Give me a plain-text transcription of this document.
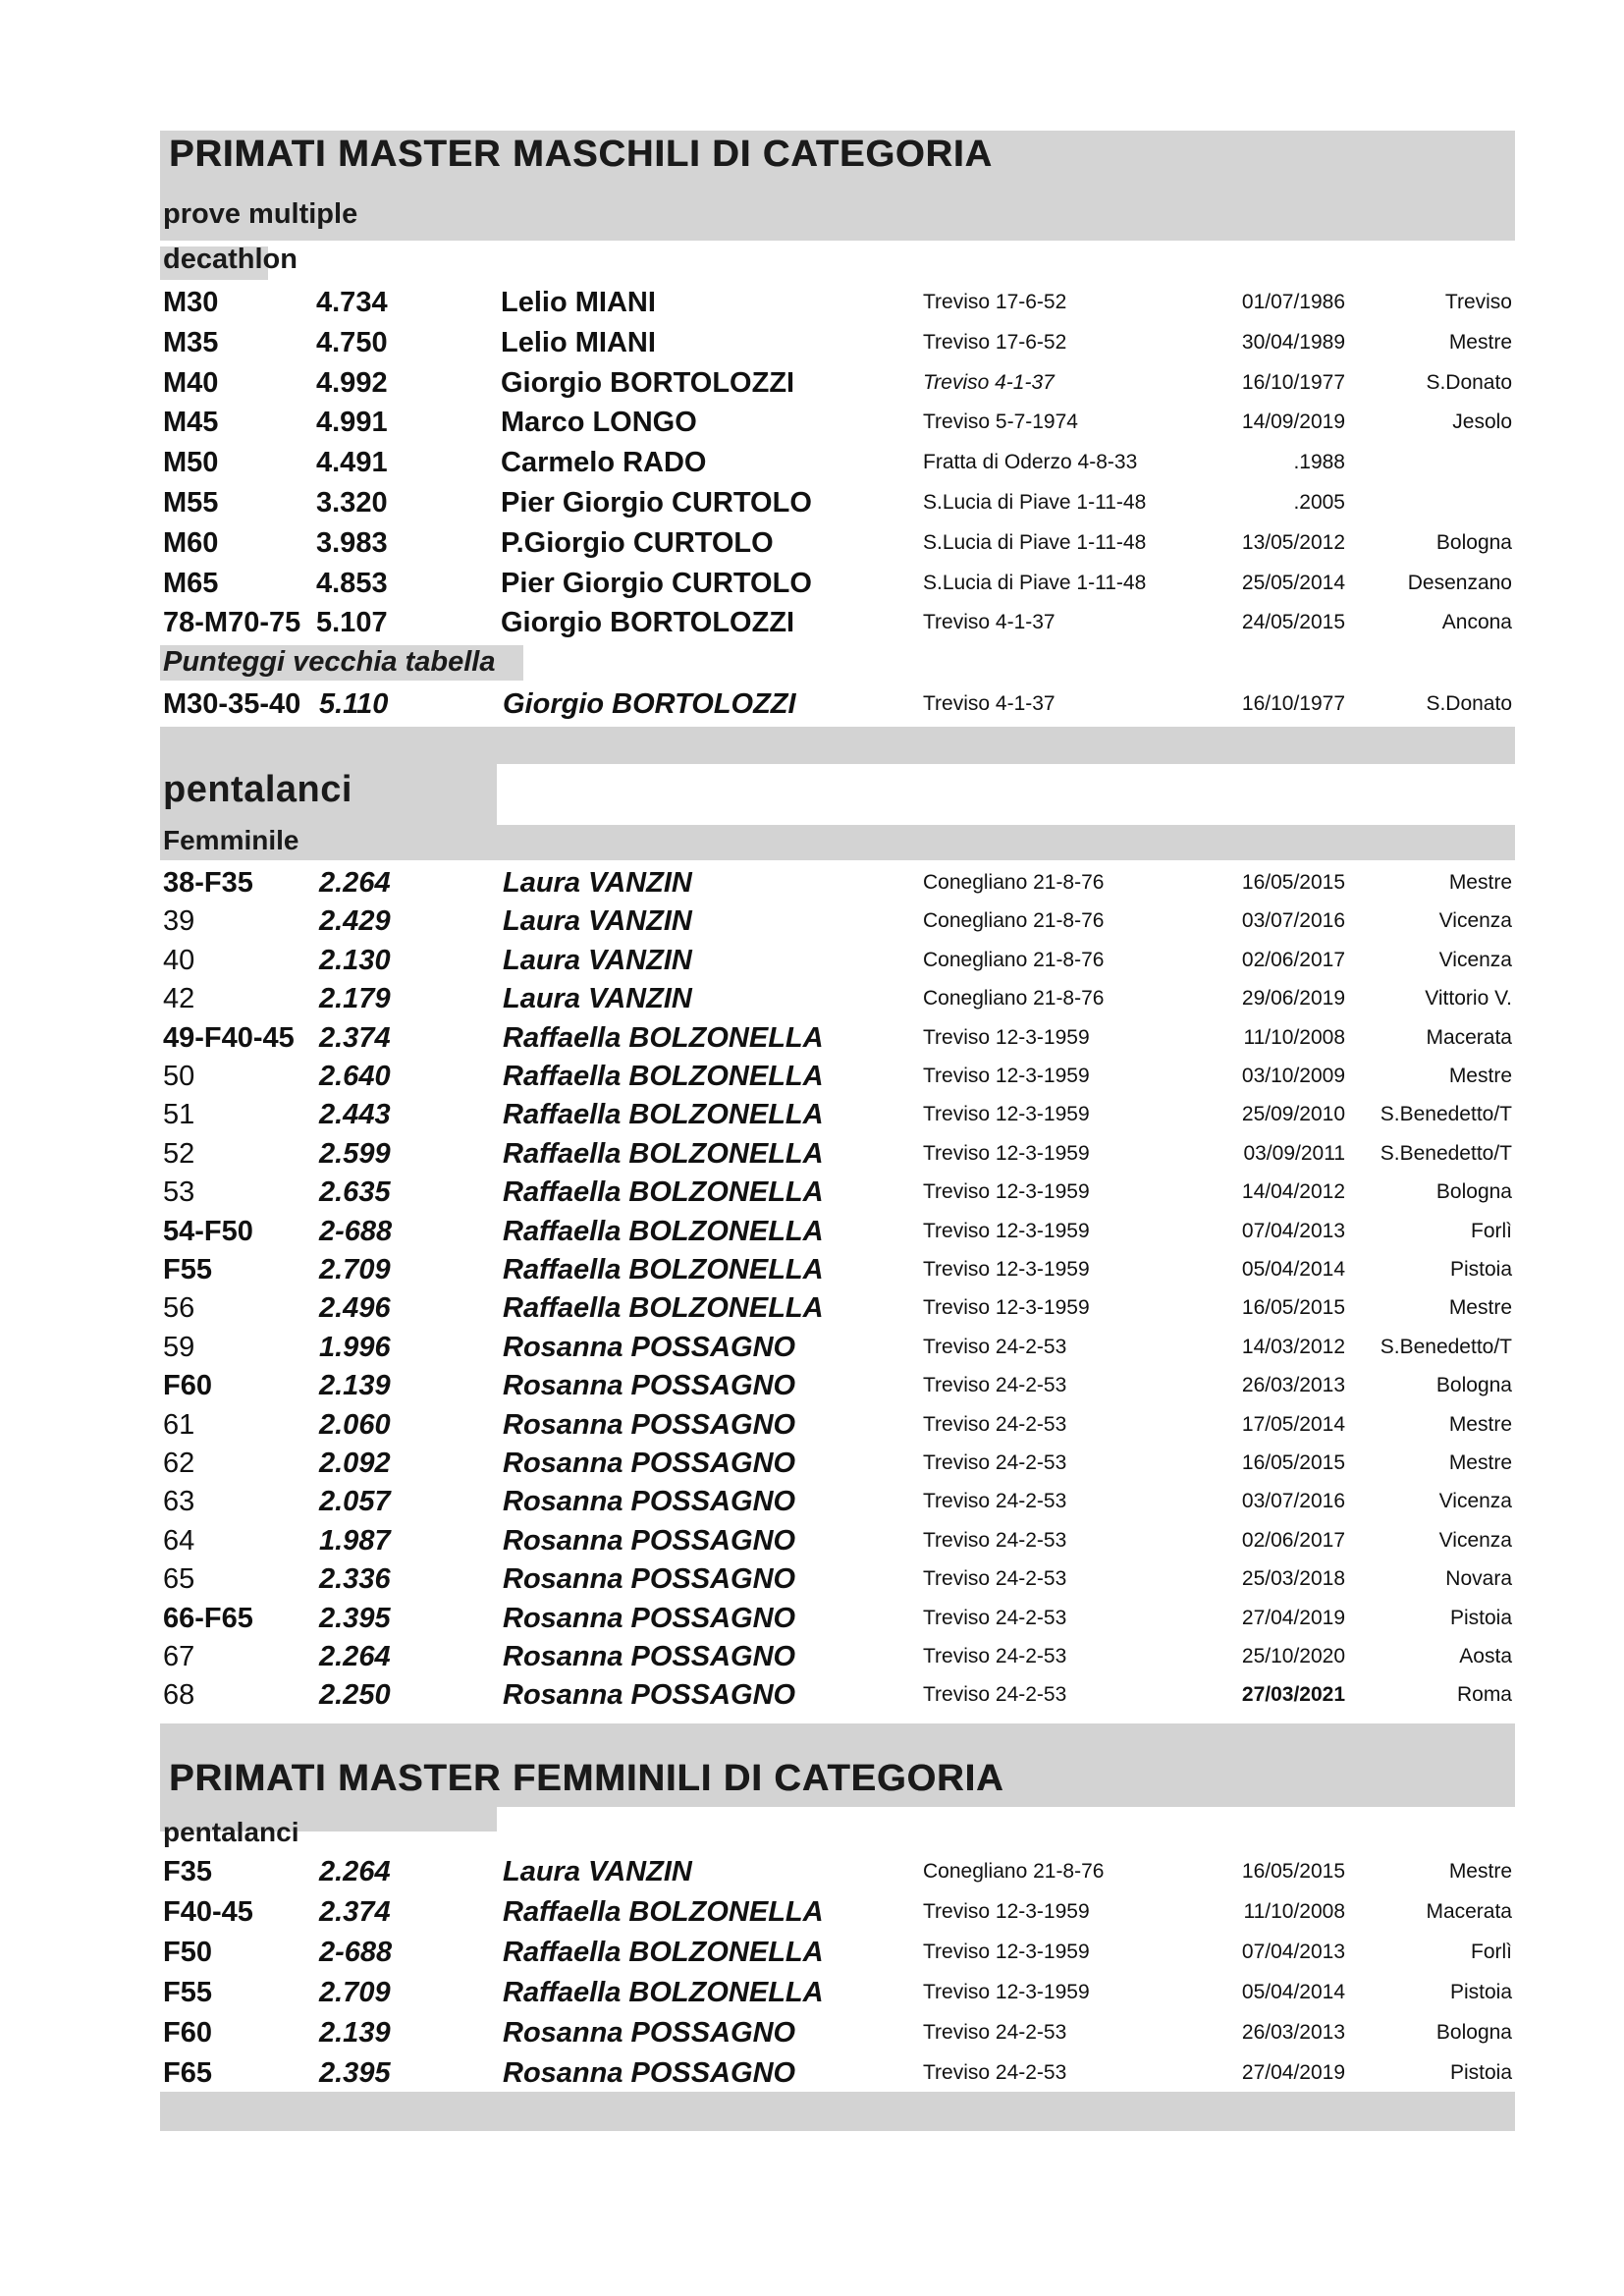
PRIMATI MASTER MASCHILI DI CATEGORIA
prove multiple
decathlon
M30	4.734	Lelio MIANI	Treviso 17-6-52	01/07/1986	Treviso
M35	4.750	Lelio MIANI	Treviso 17-6-52	30/04/1989	Mestre
M40	4.992	Giorgio BORTOLOZZI	Treviso 4-1-37	16/10/1977	S.Donato
M45	4.991	Marco LONGO	Treviso 5-7-1974	14/09/2019	Jesolo
M50	4.491	Carmelo RADO	Fratta di Oderzo 4-8-33	.1988
M55	3.320	Pier Giorgio CURTOLO	S.Lucia di Piave 1-11-48	.2005
M60	3.983	P.Giorgio CURTOLO	S.Lucia di Piave 1-11-48	13/05/2012	Bologna
M65	4.853	Pier Giorgio CURTOLO	S.Lucia di Piave 1-11-48	25/05/2014	Desenzano
78-M70-75 5.107	Giorgio BORTOLOZZI	Treviso 4-1-37	24/05/2015	Ancona
Punteggi vecchia tabella
M30-35-40 5.110	Giorgio BORTOLOZZI	Treviso 4-1-37	16/10/1977	S.Donato
pentalanci
Femminile
38-F35 2.264	Laura VANZIN	Conegliano 21-8-76	16/05/2015	Mestre
39	2.429	Laura VANZIN	Conegliano 21-8-76	03/07/2016	Vicenza
40	2.130	Laura VANZIN	Conegliano 21-8-76	02/06/2017	Vicenza
42	2.179	Laura VANZIN	Conegliano 21-8-76	29/06/2019	Vittorio V.
49-F40-45 2.374	Raffaella BOLZONELLA	Treviso 12-3-1959	11/10/2008	Macerata
50	2.640	Raffaella BOLZONELLA	Treviso 12-3-1959	03/10/2009	Mestre
51	2.443	Raffaella BOLZONELLA	Treviso 12-3-1959	25/09/2010	S.Benedetto/T
52	2.599	Raffaella BOLZONELLA	Treviso 12-3-1959	03/09/2011	S.Benedetto/T
53	2.635	Raffaella BOLZONELLA	Treviso 12-3-1959	14/04/2012	Bologna
54-F50 2-688	Raffaella BOLZONELLA	Treviso 12-3-1959	07/04/2013	Forlì
F55	2.709	Raffaella BOLZONELLA	Treviso 12-3-1959	05/04/2014	Pistoia
56	2.496	Raffaella BOLZONELLA	Treviso 12-3-1959	16/05/2015	Mestre
59	1.996	Rosanna POSSAGNO	Treviso 24-2-53	14/03/2012	S.Benedetto/T
F60	2.139	Rosanna POSSAGNO	Treviso 24-2-53	26/03/2013	Bologna
61	2.060	Rosanna POSSAGNO	Treviso 24-2-53	17/05/2014	Mestre
62	2.092	Rosanna POSSAGNO	Treviso 24-2-53	16/05/2015	Mestre
63	2.057	Rosanna POSSAGNO	Treviso 24-2-53	03/07/2016	Vicenza
64	1.987	Rosanna POSSAGNO	Treviso 24-2-53	02/06/2017	Vicenza
65	2.336	Rosanna POSSAGNO	Treviso 24-2-53	25/03/2018	Novara
66-F65 2.395	Rosanna POSSAGNO	Treviso 24-2-53	27/04/2019	Pistoia
67	2.264	Rosanna POSSAGNO	Treviso 24-2-53	25/10/2020	Aosta
68	2.250	Rosanna POSSAGNO	Treviso 24-2-53	27/03/2021	Roma
PRIMATI MASTER FEMMINILI DI CATEGORIA
pentalanci
F35	2.264	Laura VANZIN	Conegliano 21-8-76	16/05/2015	Mestre
F40-45 2.374	Raffaella BOLZONELLA	Treviso 12-3-1959	11/10/2008	Macerata
F50	2-688	Raffaella BOLZONELLA	Treviso 12-3-1959	07/04/2013	Forlì
F55	2.709	Raffaella BOLZONELLA	Treviso 12-3-1959	05/04/2014	Pistoia
F60	2.139	Rosanna POSSAGNO	Treviso 24-2-53	26/03/2013	Bologna
F65	2.395	Rosanna POSSAGNO	Treviso 24-2-53	27/04/2019	Pistoia
